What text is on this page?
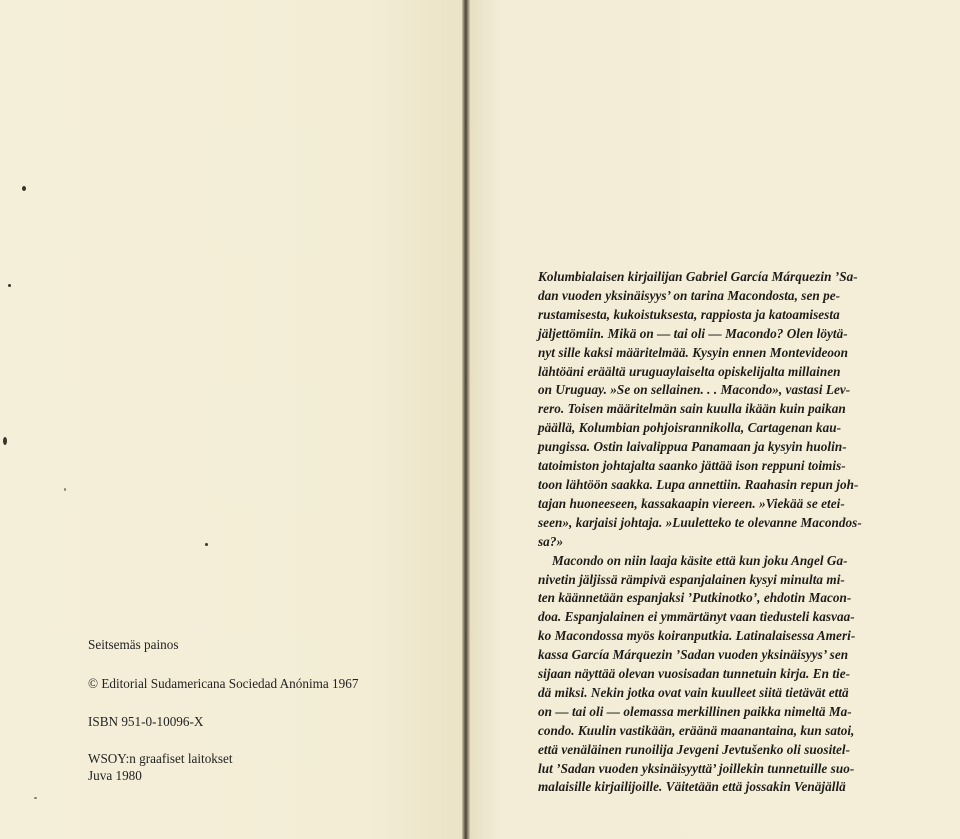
Seitsemäs painos

© Editorial Sudamericana Sociedad Anónima 1967

ISBN 951-0-10096-X

WSOY:n graafiset laitokset

Juva 1980

Kolumbialaisen kirjailijan Gabriel García Márquezin ’Sa-
dan vuoden yksinäisyys’ on tarina Macondosta, sen pe-
rustamisesta, kukoistuksesta, rappiosta ja katoamisesta
jäljettömiin. Mikä on — tai oli — Macondo? Olen löytä-
nyt sille kaksi määritelmää. Kysyin ennen Montevideoon
lähtöäni eräältä uruguaylaiselta opiskelijalta millainen
on Uruguay. »Se on sellainen. . . Macondo», vastasi Lev-
rero. Toisen määritelmän sain kuulla ikään kuin paikan
päällä, Kolumbian pohjoisrannikolla, Cartagenan kau-
pungissa. Ostin laivalippua Panamaan ja kysyin huolin-
tatoimiston johtajalta saanko jättää ison reppuni toimis-
toon lähtöön saakka. Lupa annettiin. Raahasin repun joh-
tajan huoneeseen, kassakaapin viereen. »Viekää se etei-
seen», karjaisi johtaja. »Luuletteko te olevanne Macondos-
sa?»
Macondo on niin laaja käsite että kun joku Angel Ga-
nivetin jäljissä rämpivä espanjalainen kysyi minulta mi-
ten käännetään espanjaksi ’Putkinotko’, ehdotin Macon-
doa. Espanjalainen ei ymmärtänyt vaan tiedusteli kasvaa-
ko Macondossa myös koiranputkia. Latinalaisessa Ameri-
kassa García Márquezin ’Sadan vuoden yksinäisyys’ sen
sijaan näyttää olevan vuosisadan tunnetuin kirja. En tie-
dä miksi. Nekin jotka ovat vain kuulleet siitä tietävät että
on — tai oli — olemassa merkillinen paikka nimeltä Ma-
condo. Kuulin vastikään, eräänä maanantaina, kun satoi,
että venäläinen runoilija Jevgeni Jevtušenko oli suositel-
lut ’Sadan vuoden yksinäisyyttä’ joillekin tunnetuille suo-
malaisille kirjailijoille. Väitetään että jossakin Venäjällä
